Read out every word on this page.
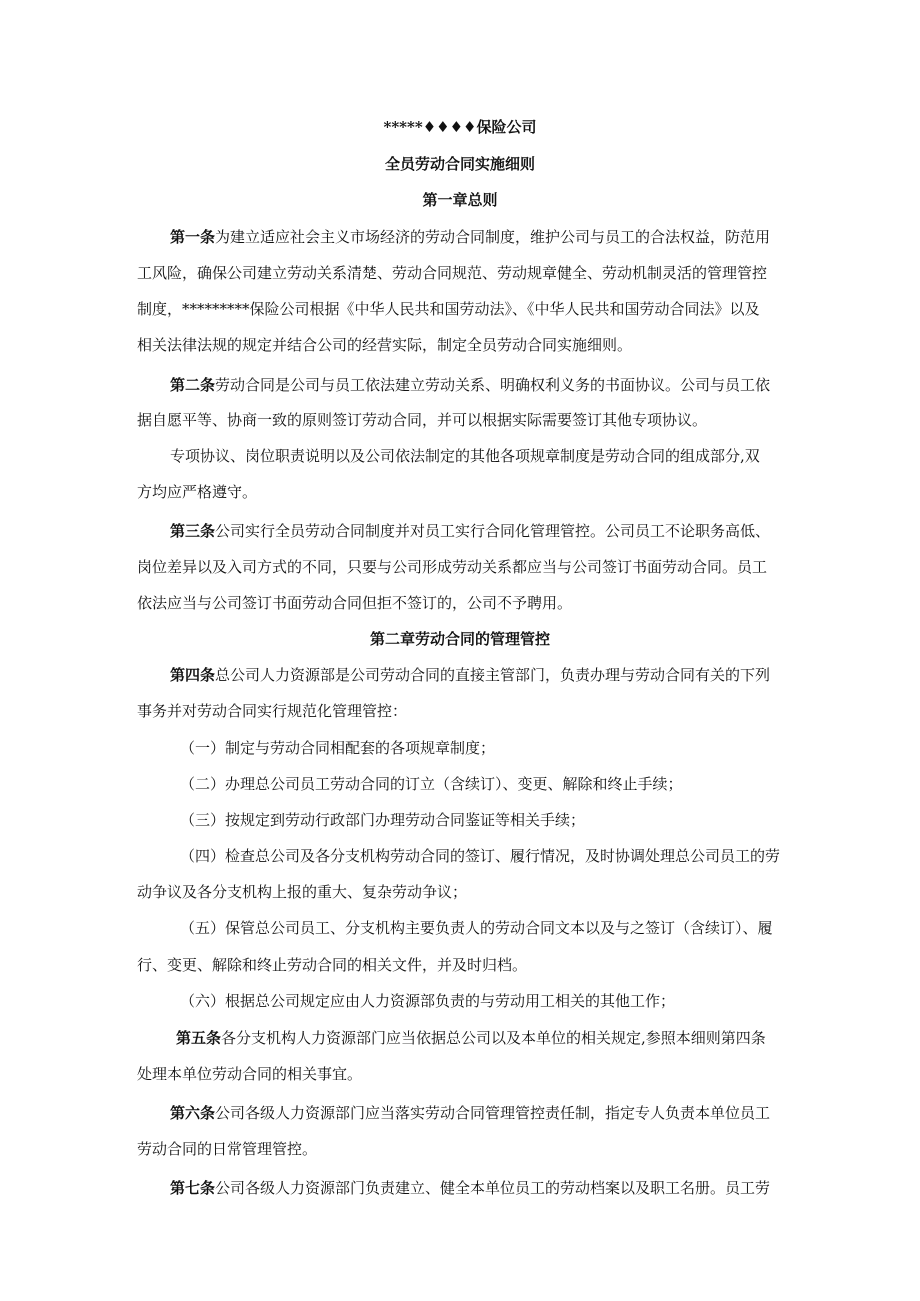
*****♦♦♦♦保险公司
全员劳动合同实施细则
第一章总则
第一条为建立适应社会主义市场经济的劳动合同制度，维护公司与员工的合法权益，防范用
工风险，确保公司建立劳动关系清楚、劳动合同规范、劳动规章健全、劳动机制灵活的管理管控
制度，*********保险公司根据《中华人民共和国劳动法》、《中华人民共和国劳动合同法》以及
相关法律法规的规定并结合公司的经营实际，制定全员劳动合同实施细则。
第二条劳动合同是公司与员工依法建立劳动关系、明确权利义务的书面协议。公司与员工依
据自愿平等、协商一致的原则签订劳动合同，并可以根据实际需要签订其他专项协议。
专项协议、岗位职责说明以及公司依法制定的其他各项规章制度是劳动合同的组成部分,双
方均应严格遵守。
第三条公司实行全员劳动合同制度并对员工实行合同化管理管控。公司员工不论职务高低、
岗位差异以及入司方式的不同，只要与公司形成劳动关系都应当与公司签订书面劳动合同。员工
依法应当与公司签订书面劳动合同但拒不签订的，公司不予聘用。
第二章劳动合同的管理管控
第四条总公司人力资源部是公司劳动合同的直接主管部门，负责办理与劳动合同有关的下列
事务并对劳动合同实行规范化管理管控：
（一）制定与劳动合同相配套的各项规章制度；
（二）办理总公司员工劳动合同的订立（含续订）、变更、解除和终止手续；
（三）按规定到劳动行政部门办理劳动合同鉴证等相关手续；
（四）检查总公司及各分支机构劳动合同的签订、履行情况，及时协调处理总公司员工的劳
动争议及各分支机构上报的重大、复杂劳动争议；
（五）保管总公司员工、分支机构主要负责人的劳动合同文本以及与之签订（含续订）、履
行、变更、解除和终止劳动合同的相关文件，并及时归档。
（六）根据总公司规定应由人力资源部负责的与劳动用工相关的其他工作；
第五条各分支机构人力资源部门应当依据总公司以及本单位的相关规定,参照本细则第四条
处理本单位劳动合同的相关事宜。
第六条公司各级人力资源部门应当落实劳动合同管理管控责任制，指定专人负责本单位员工
劳动合同的日常管理管控。
第七条公司各级人力资源部门负责建立、健全本单位员工的劳动档案以及职工名册。员工劳
